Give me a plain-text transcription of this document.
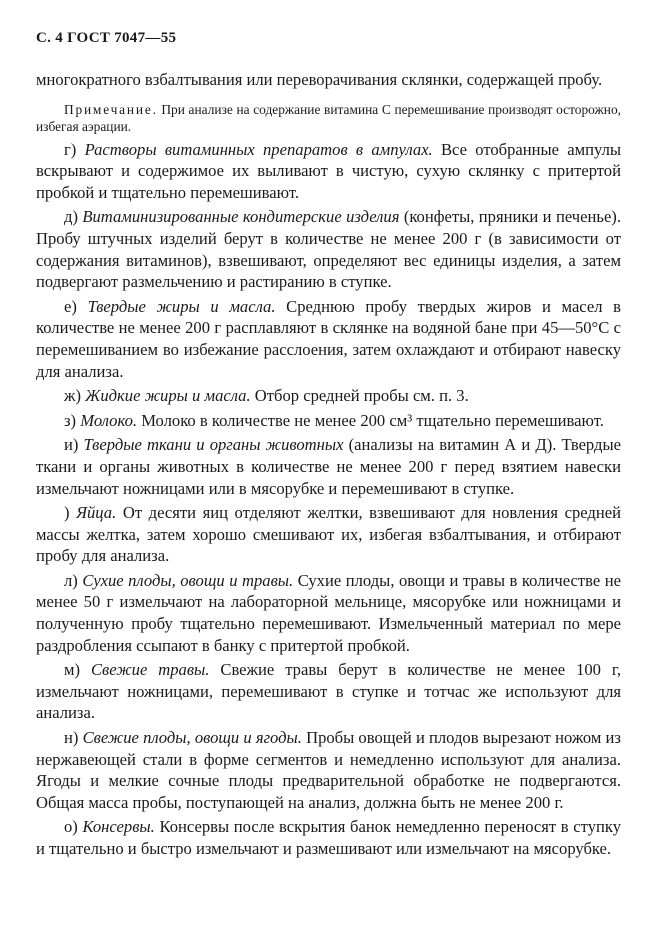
С. 4 ГОСТ 7047—55

многократного взбалтывания или переворачивания склянки, содержащей пробу.

Примечание. При анализе на содержание витамина С перемешивание производят осторожно, избегая аэрации.

г) Растворы витаминных препаратов в ампулах. Все отобранные ампулы вскрывают и содержимое их выливают в чистую, сухую склянку с притертой пробкой и тщательно перемешивают.

д) Витаминизированные кондитерские изделия (конфеты, пряники и печенье). Пробу штучных изделий берут в количестве не менее 200 г (в зависимости от содержания витаминов), взвешивают, определяют вес единицы изделия, а затем подвергают размельчению и растиранию в ступке.

е) Твердые жиры и масла. Среднюю пробу твердых жиров и масел в количестве не менее 200 г расплавляют в склянке на водяной бане при 45—50°С с перемешиванием во избежание расслоения, затем охлаждают и отбирают навеску для анализа.

ж) Жидкие жиры и масла. Отбор средней пробы см. п. 3.

з) Молоко. Молоко в количестве не менее 200 см³ тщательно перемешивают.

и) Твердые ткани и органы животных (анализы на витамин А и Д). Твердые ткани и органы животных в количестве не менее 200 г перед взятием навески измельчают ножницами или в мясорубке и перемешивают в ступке.

) Яйца. От десяти яиц отделяют желтки, взвешивают для новления средней массы желтка, затем хорошо смешивают их, избегая взбалтывания, и отбирают пробу для анализа.

л) Сухие плоды, овощи и травы. Сухие плоды, овощи и травы в количестве не менее 50 г измельчают на лабораторной мельнице, мясорубке или ножницами и полученную пробу тщательно перемешивают. Измельченный материал по мере раздробления ссыпают в банку с притертой пробкой.

м) Свежие травы. Свежие травы берут в количестве не менее 100 г, измельчают ножницами, перемешивают в ступке и тотчас же используют для анализа.

н) Свежие плоды, овощи и ягоды. Пробы овощей и плодов вырезают ножом из нержавеющей стали в форме сегментов и немедленно используют для анализа. Ягоды и мелкие сочные плоды предварительной обработке не подвергаются. Общая масса пробы, поступающей на анализ, должна быть не менее 200 г.

о) Консервы. Консервы после вскрытия банок немедленно переносят в ступку и тщательно и быстро измельчают и размешивают или измельчают на мясорубке.
